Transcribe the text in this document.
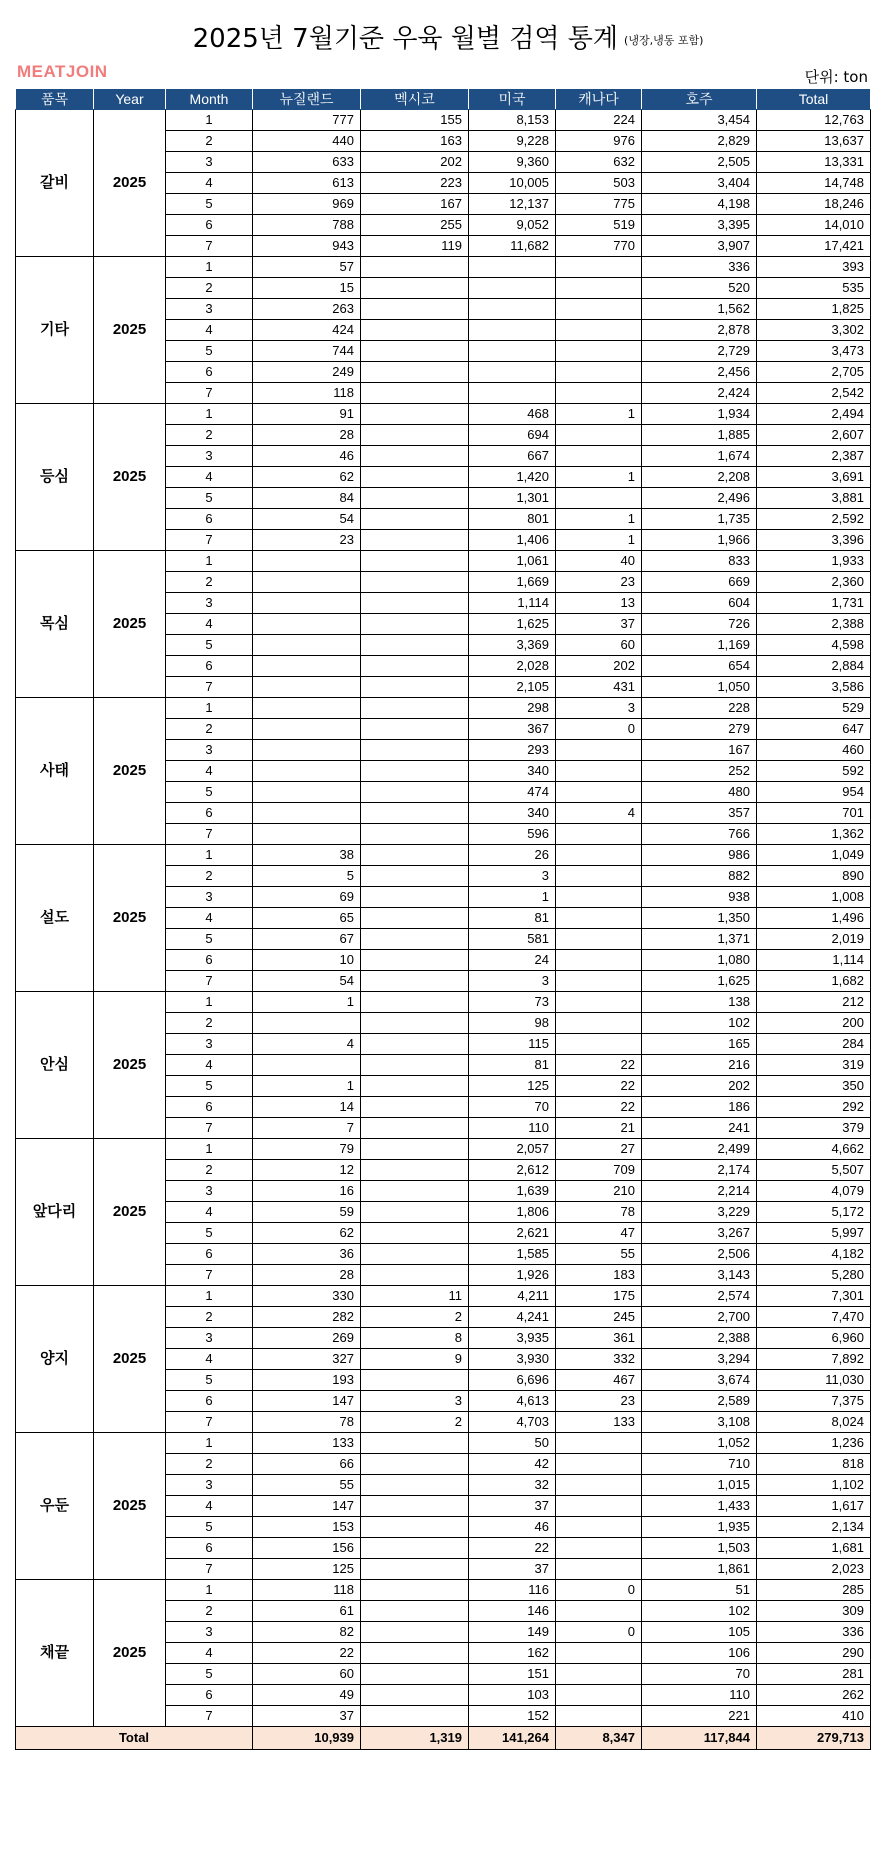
2025년 7월기준 우육 월별 검역 통계 (냉장,냉동 포함)
MEATJOIN	단위: ton
품목	Year	Month	뉴질랜드	멕시코	미국	캐나다	호주	Total
갈비	2025	1	777	155	8,153	224	3,454	12,763
		2	440	163	9,228	976	2,829	13,637
		3	633	202	9,360	632	2,505	13,331
		4	613	223	10,005	503	3,404	14,748
		5	969	167	12,137	775	4,198	18,246
		6	788	255	9,052	519	3,395	14,010
		7	943	119	11,682	770	3,907	17,421
기타	2025	1	57				336	393
		2	15				520	535
		3	263				1,562	1,825
		4	424				2,878	3,302
		5	744				2,729	3,473
		6	249				2,456	2,705
		7	118				2,424	2,542
등심	2025	1	91		468	1	1,934	2,494
		2	28		694		1,885	2,607
		3	46		667		1,674	2,387
		4	62		1,420	1	2,208	3,691
		5	84		1,301		2,496	3,881
		6	54		801	1	1,735	2,592
		7	23		1,406	1	1,966	3,396
목심	2025	1			1,061	40	833	1,933
		2			1,669	23	669	2,360
		3			1,114	13	604	1,731
		4			1,625	37	726	2,388
		5			3,369	60	1,169	4,598
		6			2,028	202	654	2,884
		7			2,105	431	1,050	3,586
사태	2025	1			298	3	228	529
		2			367	0	279	647
		3			293		167	460
		4			340		252	592
		5			474		480	954
		6			340	4	357	701
		7			596		766	1,362
설도	2025	1	38		26		986	1,049
		2	5		3		882	890
		3	69		1		938	1,008
		4	65		81		1,350	1,496
		5	67		581		1,371	2,019
		6	10		24		1,080	1,114
		7	54		3		1,625	1,682
안심	2025	1	1		73		138	212
		2			98		102	200
		3	4		115		165	284
		4			81	22	216	319
		5	1		125	22	202	350
		6	14		70	22	186	292
		7	7		110	21	241	379
앞다리	2025	1	79		2,057	27	2,499	4,662
		2	12		2,612	709	2,174	5,507
		3	16		1,639	210	2,214	4,079
		4	59		1,806	78	3,229	5,172
		5	62		2,621	47	3,267	5,997
		6	36		1,585	55	2,506	4,182
		7	28		1,926	183	3,143	5,280
양지	2025	1	330	11	4,211	175	2,574	7,301
		2	282	2	4,241	245	2,700	7,470
		3	269	8	3,935	361	2,388	6,960
		4	327	9	3,930	332	3,294	7,892
		5	193		6,696	467	3,674	11,030
		6	147	3	4,613	23	2,589	7,375
		7	78	2	4,703	133	3,108	8,024
우둔	2025	1	133		50		1,052	1,236
		2	66		42		710	818
		3	55		32		1,015	1,102
		4	147		37		1,433	1,617
		5	153		46		1,935	2,134
		6	156		22		1,503	1,681
		7	125		37		1,861	2,023
채끝	2025	1	118		116	0	51	285
		2	61		146		102	309
		3	82		149	0	105	336
		4	22		162		106	290
		5	60		151		70	281
		6	49		103		110	262
		7	37		152		221	410
Total			10,939	1,319	141,264	8,347	117,844	279,713
